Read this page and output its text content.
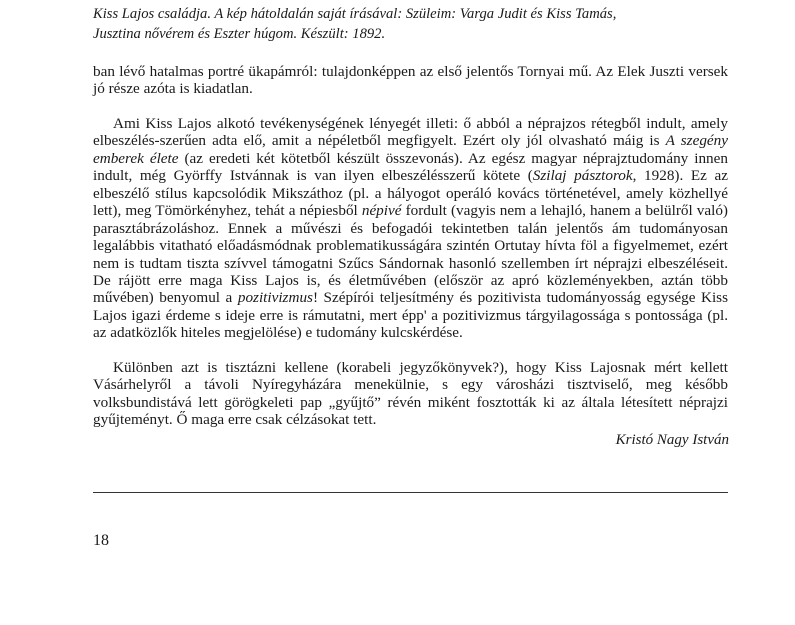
Kiss Lajos családja. A kép hátoldalán saját írásával: Szüleim: Varga Judit és Kiss Tamás,
Jusztina nővérem és Eszter húgom. Készült: 1892.

ban lévő hatalmas portré ükapámról: tulajdonképpen az első jelentős Tornyai mű. Az Elek Juszti versek jó része azóta is kiadatlan.

Ami Kiss Lajos alkotó tevékenységének lényegét illeti: ő abból a néprajzos rétegből indult, amely elbeszélés-szerűen adta elő, amit a népéletből megfigyelt. Ezért oly jól olvasható máig is A szegény emberek élete (az eredeti két kötetből készült összevonás). Az egész magyar néprajztudomány innen indult, még Györffy Istvánnak is van ilyen elbeszélésszerű kötete (Szilaj pásztorok, 1928). Ez az elbeszélő stílus kapcsolódik Mikszáthoz (pl. a hályogot operáló kovács történetével, amely közhellyé lett), meg Tömörkényhez, tehát a népiesből népivé fordult (vagyis nem a lehajló, hanem a belülről való) parasztábrázoláshoz. Ennek a művészi és befogadói tekintetben talán jelentős ám tudományosan legalábbis vitatható előadásmódnak problematikusságára szintén Ortutay hívta föl a figyelmemet, ezért nem is tudtam tiszta szívvel támogatni Szűcs Sándornak hasonló szellemben írt néprajzi elbeszéléseit. De rájött erre maga Kiss Lajos is, és életművében (először az apró közleményekben, aztán több művében) benyomul a pozitivizmus! Szépírói teljesítmény és pozitivista tudományosság egysége Kiss Lajos igazi érdeme s ideje erre is rámutatni, mert épp' a pozitivizmus tárgyilagossága s pontossága (pl. az adatközlők hiteles megjelölése) e tudomány kulcskérdése.

Különben azt is tisztázni kellene (korabeli jegyzőkönyvek?), hogy Kiss Lajosnak mért kellett Vásárhelyről a távoli Nyíregyházára menekülnie, s egy városházi tisztviselő, meg később volksbundistává lett görögkeleti pap „gyűjtő” révén miként fosztották ki az általa létesített néprajzi gyűjteményt. Ő maga erre csak célzásokat tett.

Kristó Nagy István
18
